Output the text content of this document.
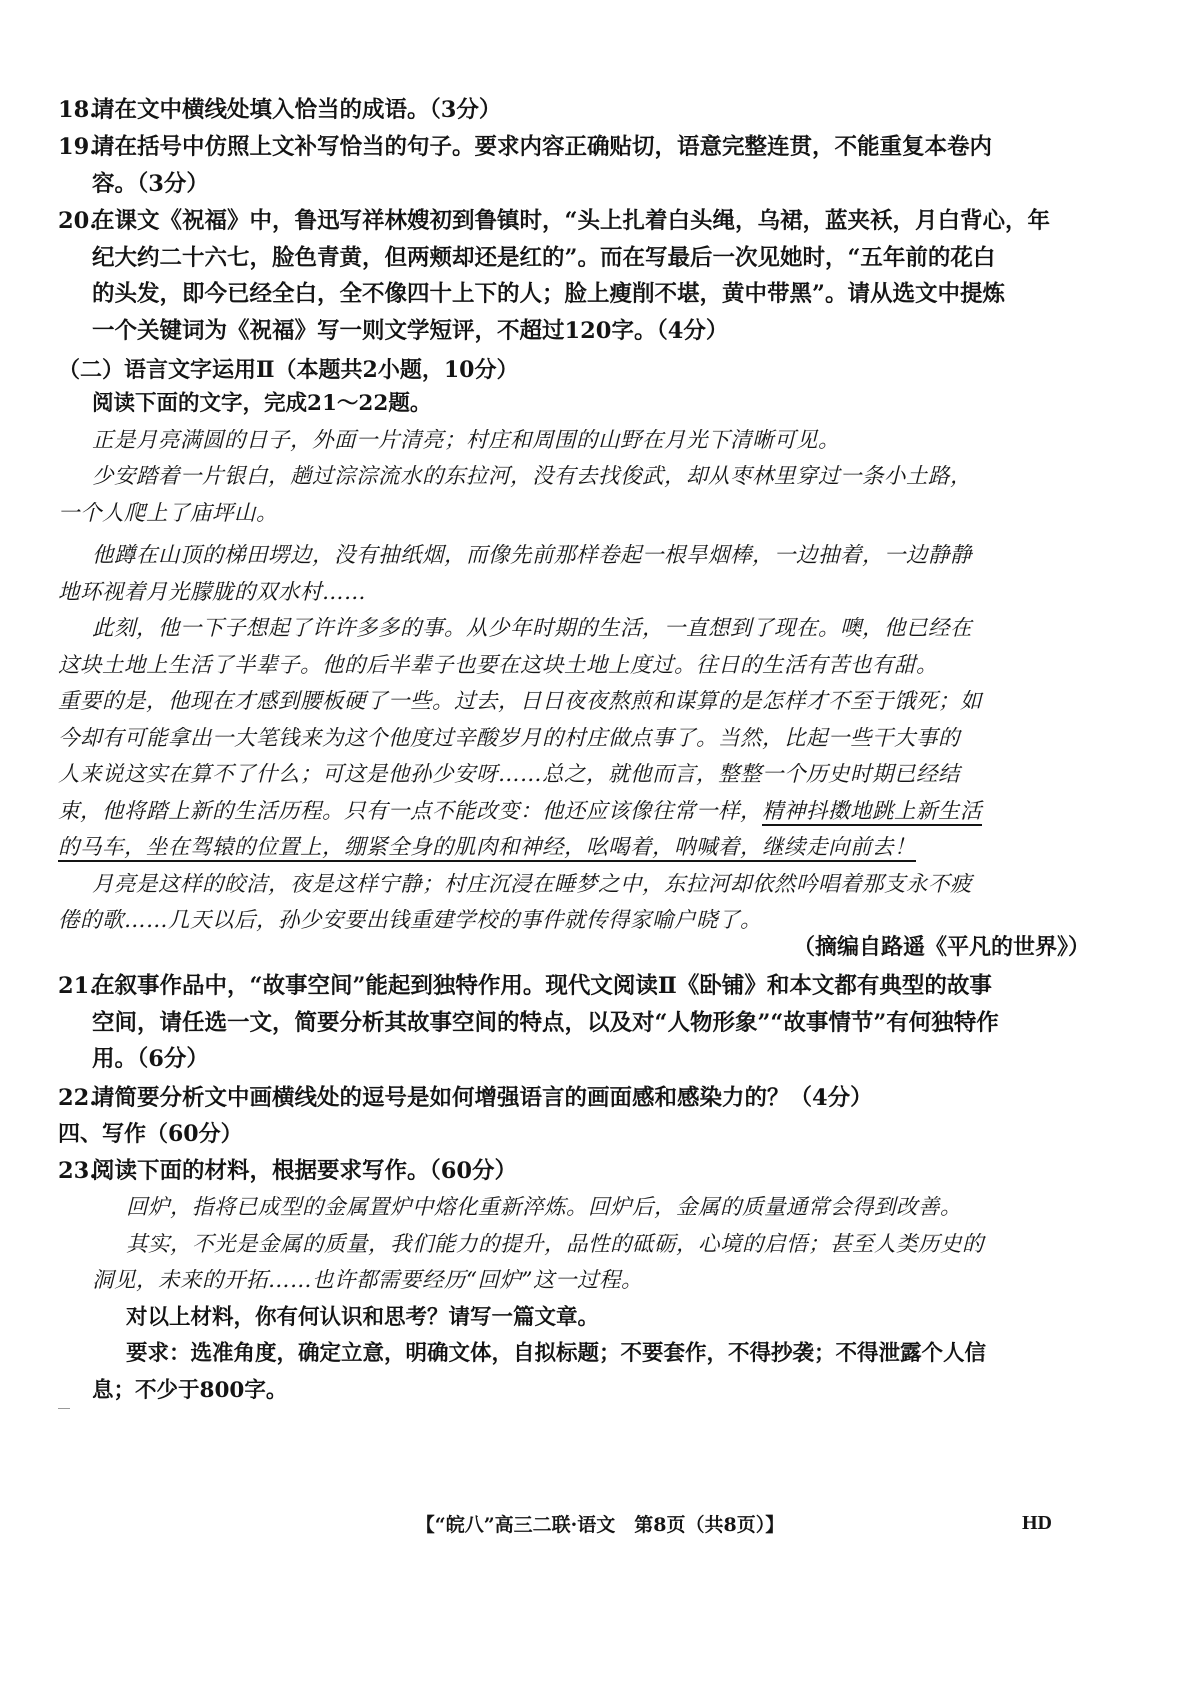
18.
请在文中横线处填入恰当的成语。（3分）
19.
请在括号中仿照上文补写恰当的句子。要求内容正确贴切，语意完整连贯，不能重复本卷内
容。（3分）
20.
在课文《祝福》中，鲁迅写祥林嫂初到鲁镇时，“头上扎着白头绳，乌裙，蓝夹袄，月白背心，年
纪大约二十六七，脸色青黄，但两颊却还是红的”。而在写最后一次见她时，“五年前的花白
的头发，即今已经全白，全不像四十上下的人；脸上瘦削不堪，黄中带黑”。请从选文中提炼
一个关键词为《祝福》写一则文学短评，不超过120字。（4分）
（二）语言文字运用Ⅱ（本题共2小题，10分）
阅读下面的文字，完成21～22题。
正是月亮满圆的日子，外面一片清亮；村庄和周围的山野在月光下清晰可见。
少安踏着一片银白，趟过淙淙流水的东拉河，没有去找俊武，却从枣林里穿过一条小土路，
一个人爬上了庙坪山。
他蹲在山顶的梯田塄边，没有抽纸烟，而像先前那样卷起一根旱烟棒，一边抽着，一边静静
地环视着月光朦胧的双水村……
此刻，他一下子想起了许许多多的事。从少年时期的生活，一直想到了现在。噢，他已经在
这块土地上生活了半辈子。他的后半辈子也要在这块土地上度过。往日的生活有苦也有甜。
重要的是，他现在才感到腰板硬了一些。过去，日日夜夜熬煎和谋算的是怎样才不至于饿死；如
今却有可能拿出一大笔钱来为这个他度过辛酸岁月的村庄做点事了。当然，比起一些干大事的
人来说这实在算不了什么；可这是他孙少安呀……总之，就他而言，整整一个历史时期已经结
束，他将踏上新的生活历程。只有一点不能改变：他还应该像往常一样，精神抖擞地跳上新生活
的马车，坐在驾辕的位置上，绷紧全身的肌肉和神经，吆喝着，呐喊着，继续走向前去！
月亮是这样的皎洁，夜是这样宁静；村庄沉浸在睡梦之中，东拉河却依然吟唱着那支永不疲
倦的歌……几天以后，孙少安要出钱重建学校的事件就传得家喻户晓了。
（摘编自路遥《平凡的世界》）
21.
在叙事作品中，“故事空间”能起到独特作用。现代文阅读Ⅱ《卧铺》和本文都有典型的故事
空间，请任选一文，简要分析其故事空间的特点，以及对“人物形象”“故事情节”有何独特作
用。（6分）
22.
请简要分析文中画横线处的逗号是如何增强语言的画面感和感染力的？（4分）
四、写作（60分）
23.
阅读下面的材料，根据要求写作。（60分）
回炉，指将已成型的金属置炉中熔化重新淬炼。回炉后，金属的质量通常会得到改善。
其实，不光是金属的质量，我们能力的提升，品性的砥砺，心境的启悟；甚至人类历史的
洞见，未来的开拓……也许都需要经历“回炉”这一过程。
对以上材料，你有何认识和思考？请写一篇文章。
要求：选准角度，确定立意，明确文体，自拟标题；不要套作，不得抄袭；不得泄露个人信
息；不少于800字。
【“皖八”高三二联·语文　第8页（共8页）】	HD
